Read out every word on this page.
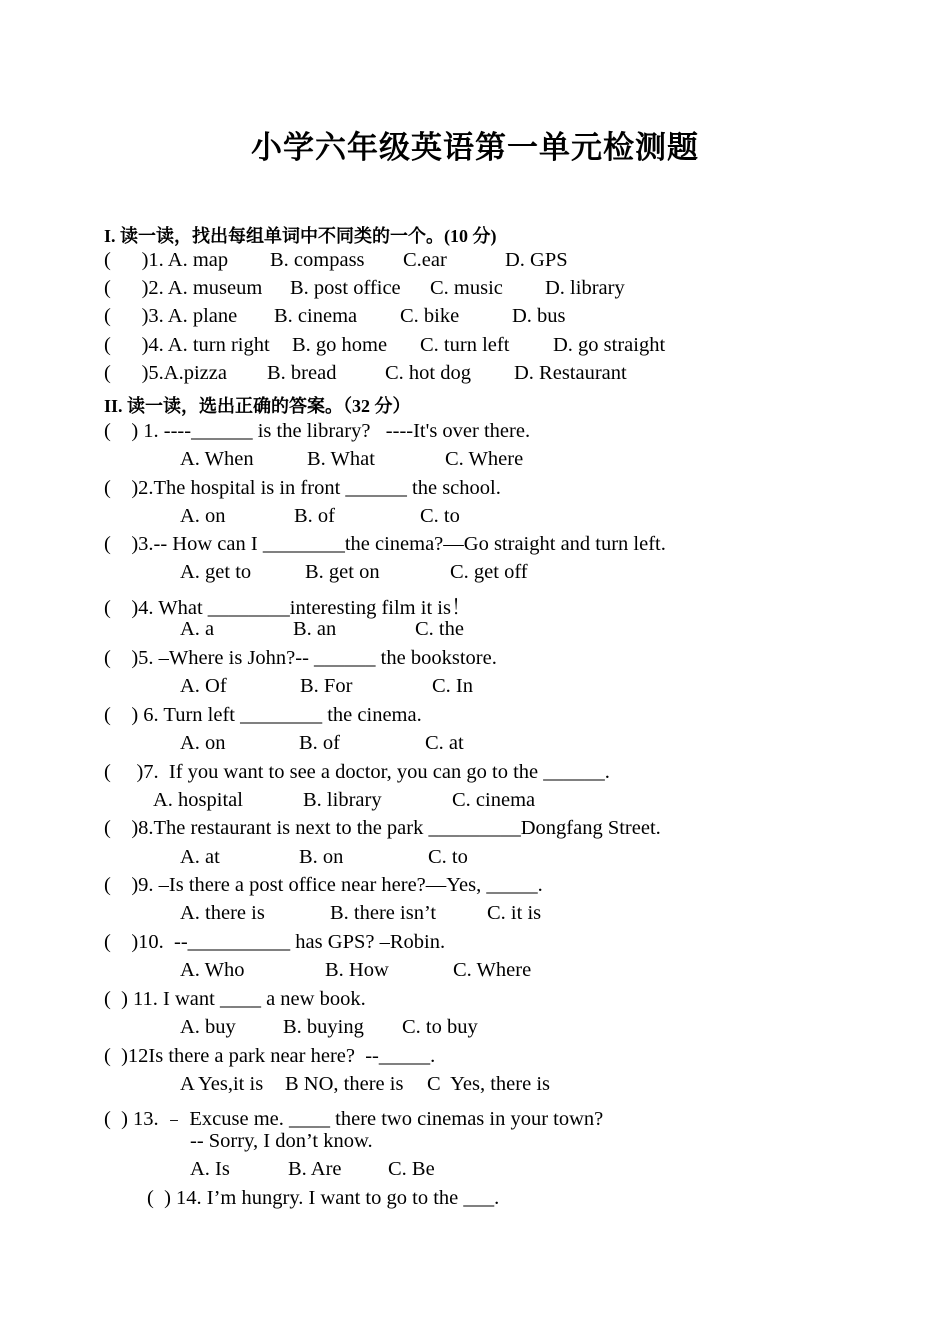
小学六年级英语第一单元检测题
I. 读一读，找出每组单词中不同类的一个。(10 分)

(      )1. A. map

B. compass

C.ear

	D. GPS

(      )2. A. museum

B. post office

C. music

D. library

(      )3. A. plane

B. cinema

C. bike

	D. bus

(      )4. A. turn right

B. go home

C. turn left

D. go straight

(      )5.A.pizza

B. bread

C. hot dog

D. Restaurant

II. 读一读，选出正确的答案。（32 分）
(    ) 1. ----______ is the library?   ----It's over there.

A. When

	B. What

	C. Where

(    )2.The hospital is in front ______ the school.

A. on

	B. of

	C. to

(    )3.-- How can I ________the cinema?—Go straight and turn left.

A. get to

	B. get on

	C. get off

(    )4. What ________interesting film it is！

A. a

	B. an

	C. the

(    )5. –Where is John?-- ______ the bookstore.

A. Of

	B. For

	C. In

(    ) 6. Turn left ________ the cinema.

A. on

	B. of

	C. at

(     )7.  If you want to see a doctor, you can go to the ______.

A. hospital

	B. library

	C. cinema

(    )8.The restaurant is next to the park _________Dongfang Street.

A. at

	B. on

	C. to

(    )9. –Is there a post office near here?—Yes, _____.

A. there is

	B. there isn’t

C. it is

(    )10.  --__________ has GPS? –Robin.

A. Who

	B. How

	C. Where

(  ) 11. I want ____ a new book.

A. buy

B. buying

C. to buy

(  )12Is there a park near here?  --_____.

A Yes,it is

B NO, there is

C  Yes, there is

(  ) 13. ﹣ Excuse me. ____ there two cinemas in your town?
-- Sorry, I don’t know.

A. Is

	B. Are

C. Be

(  ) 14. I’m hungry. I want to go to the ___.
